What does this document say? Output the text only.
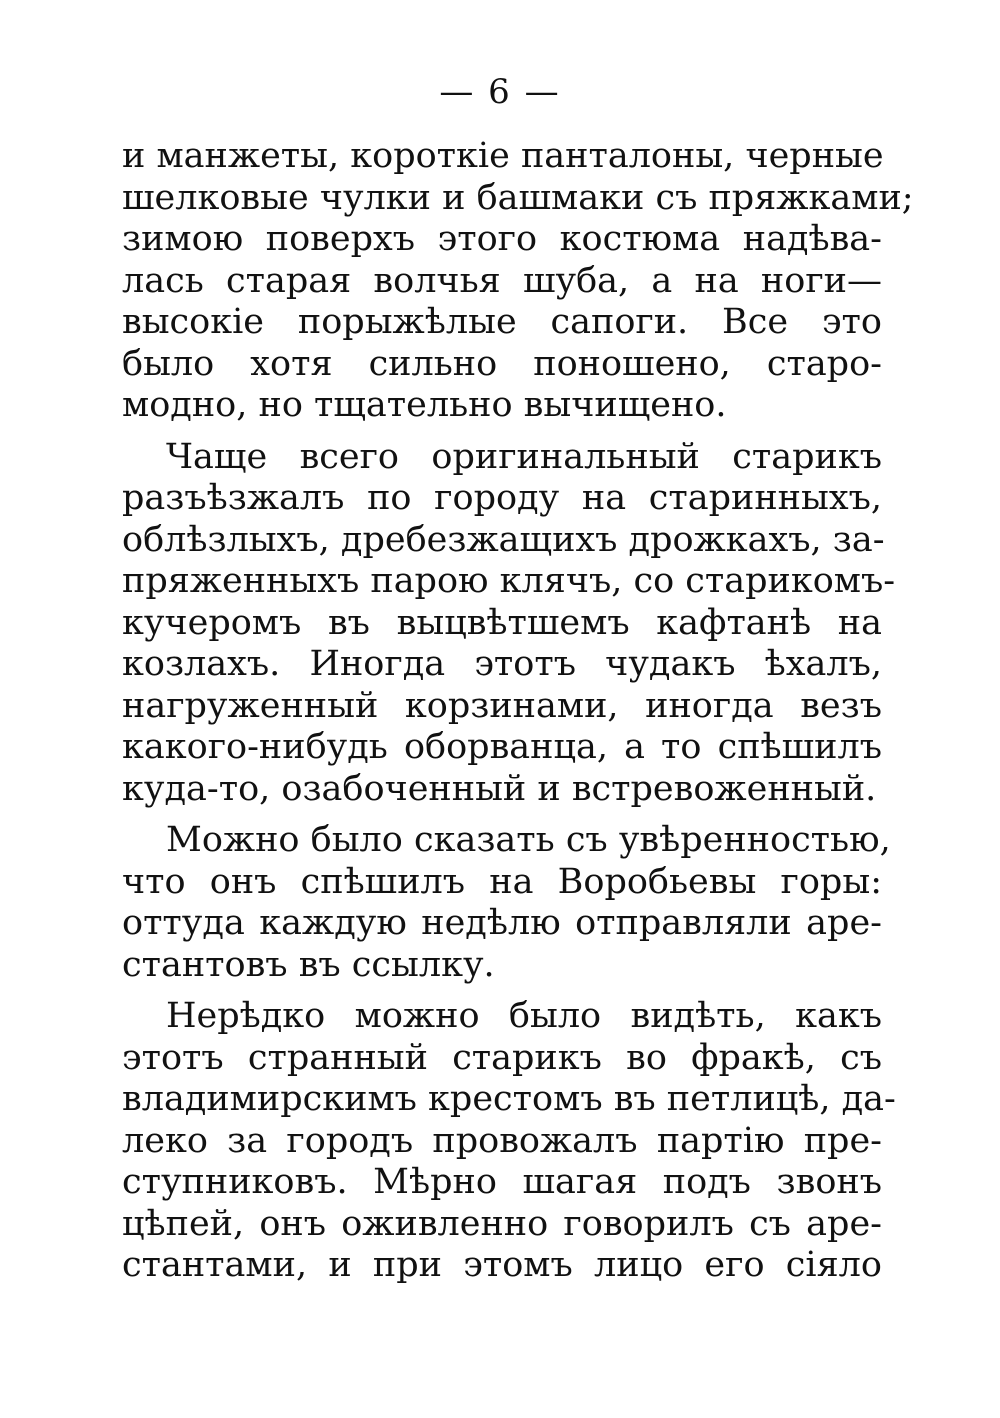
— 6 —
и манжеты, короткіе панталоны, черные
шелковые чулки и башмаки съ пряжками;
зимою поверхъ этого костюма надѣва-
лась старая волчья шуба, а на ноги—
высокіе порыжѣлые сапоги. Все это
было хотя сильно поношено, старо-
модно, но тщательно вычищено.
Чаще всего оригинальный старикъ
разъѣзжалъ по городу на старинныхъ,
облѣзлыхъ, дребезжащихъ дрожкахъ, за-
пряженныхъ парою клячъ, со старикомъ-
кучеромъ въ выцвѣтшемъ кафтанѣ на
козлахъ. Иногда этотъ чудакъ ѣхалъ,
нагруженный корзинами, иногда везъ
какого-нибудь оборванца, а то спѣшилъ
куда-то, озабоченный и встревоженный.
Можно было сказать съ увѣренностью,
что онъ спѣшилъ на Воробьевы горы:
оттуда каждую недѣлю отправляли аре-
стантовъ въ ссылку.
Нерѣдко можно было видѣть, какъ
этотъ странный старикъ во фракѣ, съ
владимирскимъ крестомъ въ петлицѣ, да-
леко за городъ провожалъ партію пре-
ступниковъ. Мѣрно шагая подъ звонъ
цѣпей, онъ оживленно говорилъ съ аре-
стантами, и при этомъ лицо его сіяло
